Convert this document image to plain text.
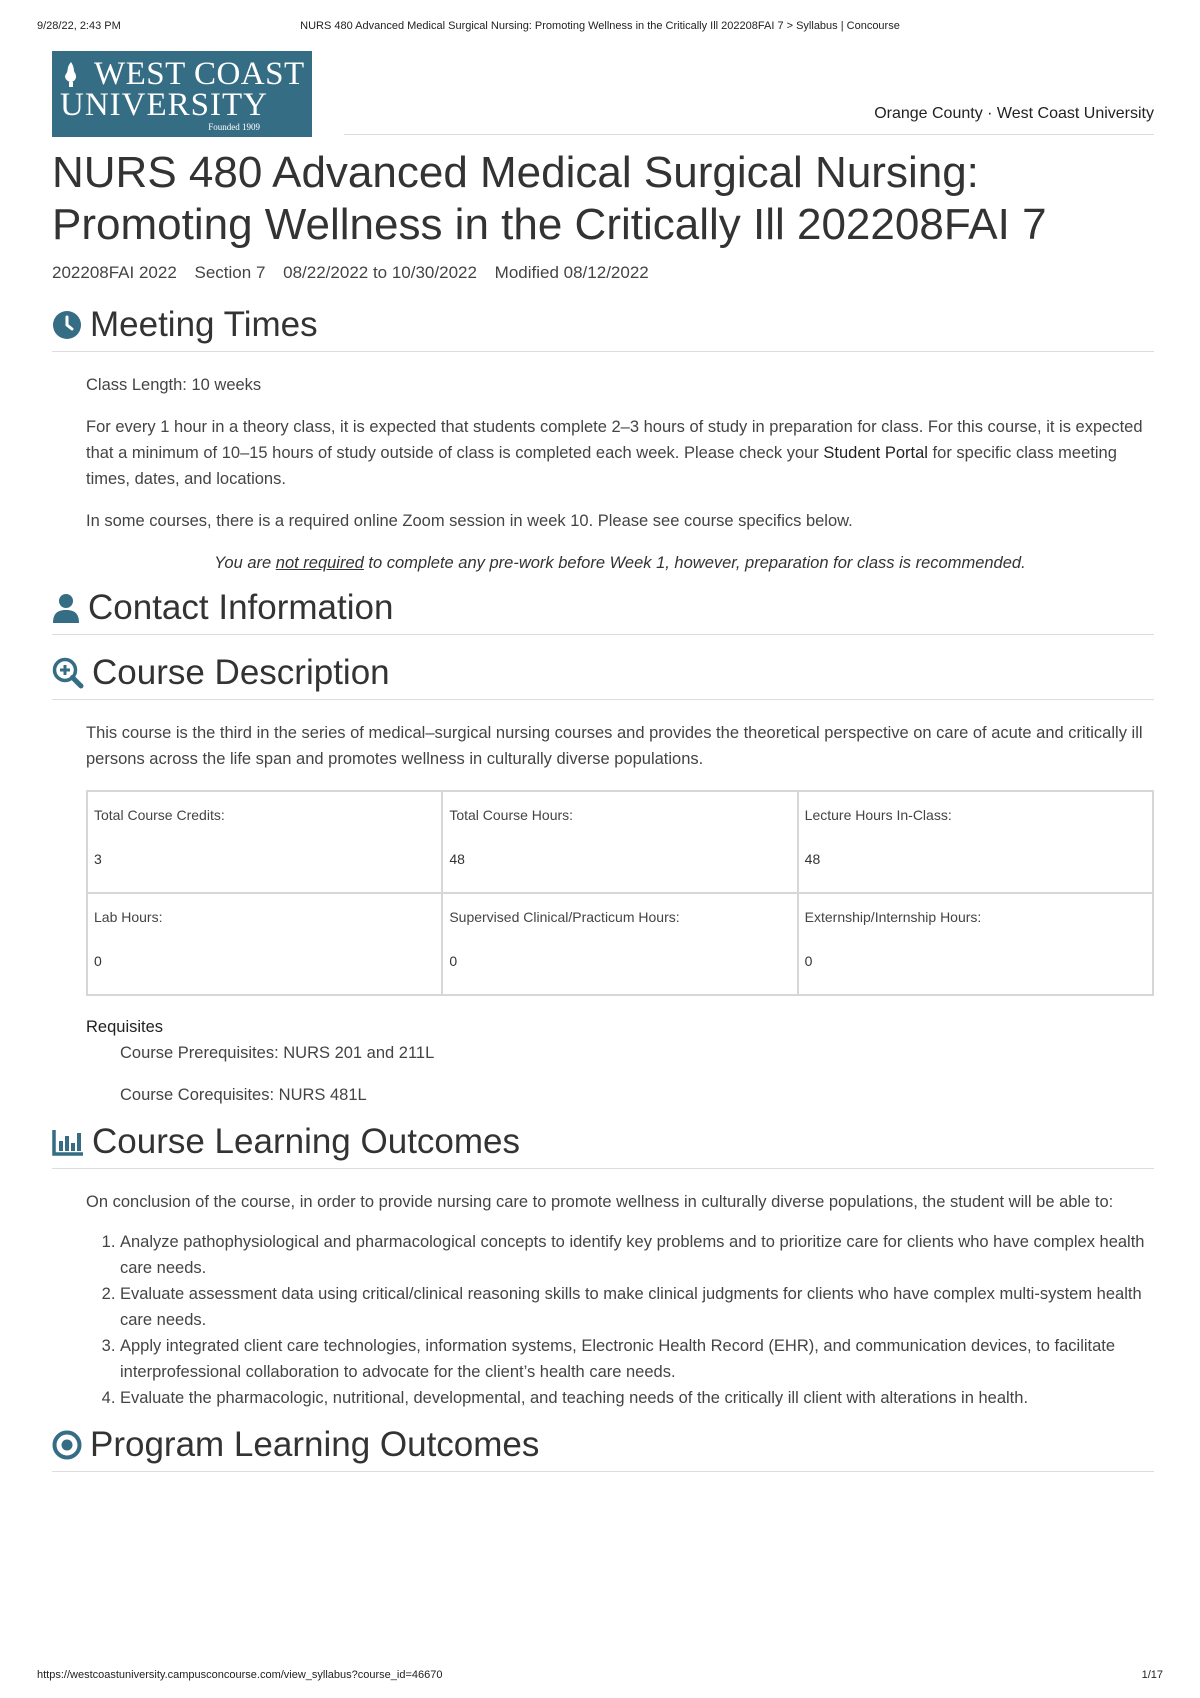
9/28/22, 2:43 PM	NURS 480 Advanced Medical Surgical Nursing: Promoting Wellness in the Critically Ill 202208FAI 7 > Syllabus | Concourse
WEST COAST
UNIVERSITY
Founded 1909
Orange County · West Coast University
NURS 480 Advanced Medical Surgical Nursing: Promoting Wellness in the Critically Ill 202208FAI 7
202208FAI 2022 Section 7 08/22/2022 to 10/30/2022 Modified 08/12/2022
Meeting Times

Class Length: 10 weeks

For every 1 hour in a theory class, it is expected that students complete 2–3 hours of study in preparation for class. For this course, it is expected that a minimum of 10–15 hours of study outside of class is completed each week. Please check your Student Portal for specific class meeting times, dates, and locations.

In some courses, there is a required online Zoom session in week 10. Please see course specifics below.

You are not required to complete any pre-work before Week 1, however, preparation for class is recommended.

Contact Information
Course Description

This course is the third in the series of medical–surgical nursing courses and provides the theoretical perspective on care of acute and critically ill persons across the life span and promotes wellness in culturally diverse populations.

Total Course Credits:
3	Total Course Hours:
48	Lecture Hours In-Class:
48

Lab Hours:
0	Supervised Clinical/Practicum Hours:
0	Externship/Internship Hours:
0
Requisites
Course Prerequisites: NURS 201 and 211L
Course Corequisites: NURS 481L
Course Learning Outcomes

On conclusion of the course, in order to provide nursing care to promote wellness in culturally diverse populations, the student will be able to:

1. Analyze pathophysiological and pharmacological concepts to identify key problems and to prioritize care for clients who have complex health care needs.
2. Evaluate assessment data using critical/clinical reasoning skills to make clinical judgments for clients who have complex multi-system health care needs.
3. Apply integrated client care technologies, information systems, Electronic Health Record (EHR), and communication devices, to facilitate interprofessional collaboration to advocate for the client’s health care needs.
4. Evaluate the pharmacologic, nutritional, developmental, and teaching needs of the critically ill client with alterations in health.
Program Learning Outcomes
https://westcoastuniversity.campusconcourse.com/view_syllabus?course_id=46670	1/17
